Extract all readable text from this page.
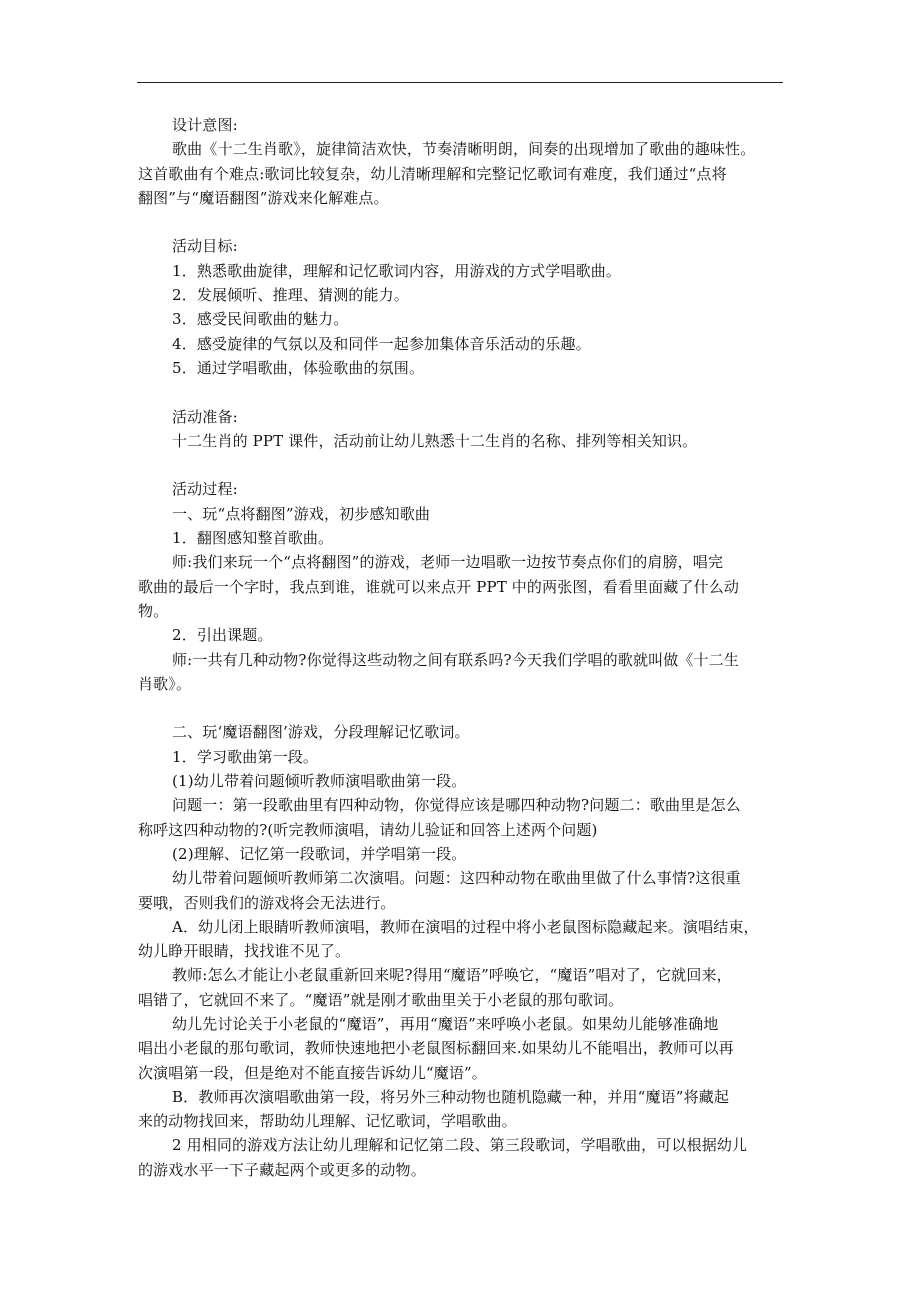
设计意图:

歌曲《十二生肖歌》，旋律简洁欢快，节奏清晰明朗，间奏的出现增加了歌曲的趣味性。

这首歌曲有个难点:歌词比较复杂，幼儿清晰理解和完整记忆歌词有难度，我们通过“点将

翻图”与“魔语翻图”游戏来化解难点。

活动目标:

1．熟悉歌曲旋律，理解和记忆歌词内容，用游戏的方式学唱歌曲。

2．发展倾听、推理、猜测的能力。

3．感受民间歌曲的魅力。

4．感受旋律的气氛以及和同伴一起参加集体音乐活动的乐趣。

5．通过学唱歌曲，体验歌曲的氛围。

活动准备:

十二生肖的 PPT 课件，活动前让幼儿熟悉十二生肖的名称、排列等相关知识。

活动过程:

一、玩“点将翻图”游戏，初步感知歌曲

1．翻图感知整首歌曲。

师:我们来玩一个“点将翻图”的游戏，老师一边唱歌一边按节奏点你们的肩膀，唱完

歌曲的最后一个字时，我点到谁，谁就可以来点开 PPT 中的两张图，看看里面藏了什么动

物。

2．引出课题。

师:一共有几种动物?你觉得这些动物之间有联系吗?今天我们学唱的歌就叫做《十二生

肖歌》。

二、玩‘魔语翻图’游戏，分段理解记忆歌词。

1．学习歌曲第一段。

(1)幼儿带着问题倾听教师演唱歌曲第一段。

问题一：第一段歌曲里有四种动物，你觉得应该是哪四种动物?问题二：歌曲里是怎么

称呼这四种动物的?(听完教师演唱，请幼儿验证和回答上述两个问题)

(2)理解、记忆第一段歌词，并学唱第一段。

幼儿带着问题倾听教师第二次演唱。问题：这四种动物在歌曲里做了什么事情?这很重

要哦，否则我们的游戏将会无法进行。

A．幼儿闭上眼睛听教师演唱，教师在演唱的过程中将小老鼠图标隐藏起来。演唱结束，

幼儿睁开眼睛，找找谁不见了。

教师:怎么才能让小老鼠重新回来呢?得用“魔语”呼唤它，“魔语”唱对了，它就回来，

唱错了，它就回不来了。“魔语”就是刚才歌曲里关于小老鼠的那句歌词。

幼儿先讨论关于小老鼠的“魔语”，再用“魔语”来呼唤小老鼠。如果幼儿能够准确地

唱出小老鼠的那句歌词，教师快速地把小老鼠图标翻回来.如果幼儿不能唱出，教师可以再

次演唱第一段，但是绝对不能直接告诉幼儿“魔语”。

B．教师再次演唱歌曲第一段，将另外三种动物也随机隐藏一种，并用“魔语”将藏起

来的动物找回来，帮助幼儿理解、记忆歌词，学唱歌曲。

2 用相同的游戏方法让幼儿理解和记忆第二段、第三段歌词，学唱歌曲，可以根据幼儿

的游戏水平一下子藏起两个或更多的动物。
